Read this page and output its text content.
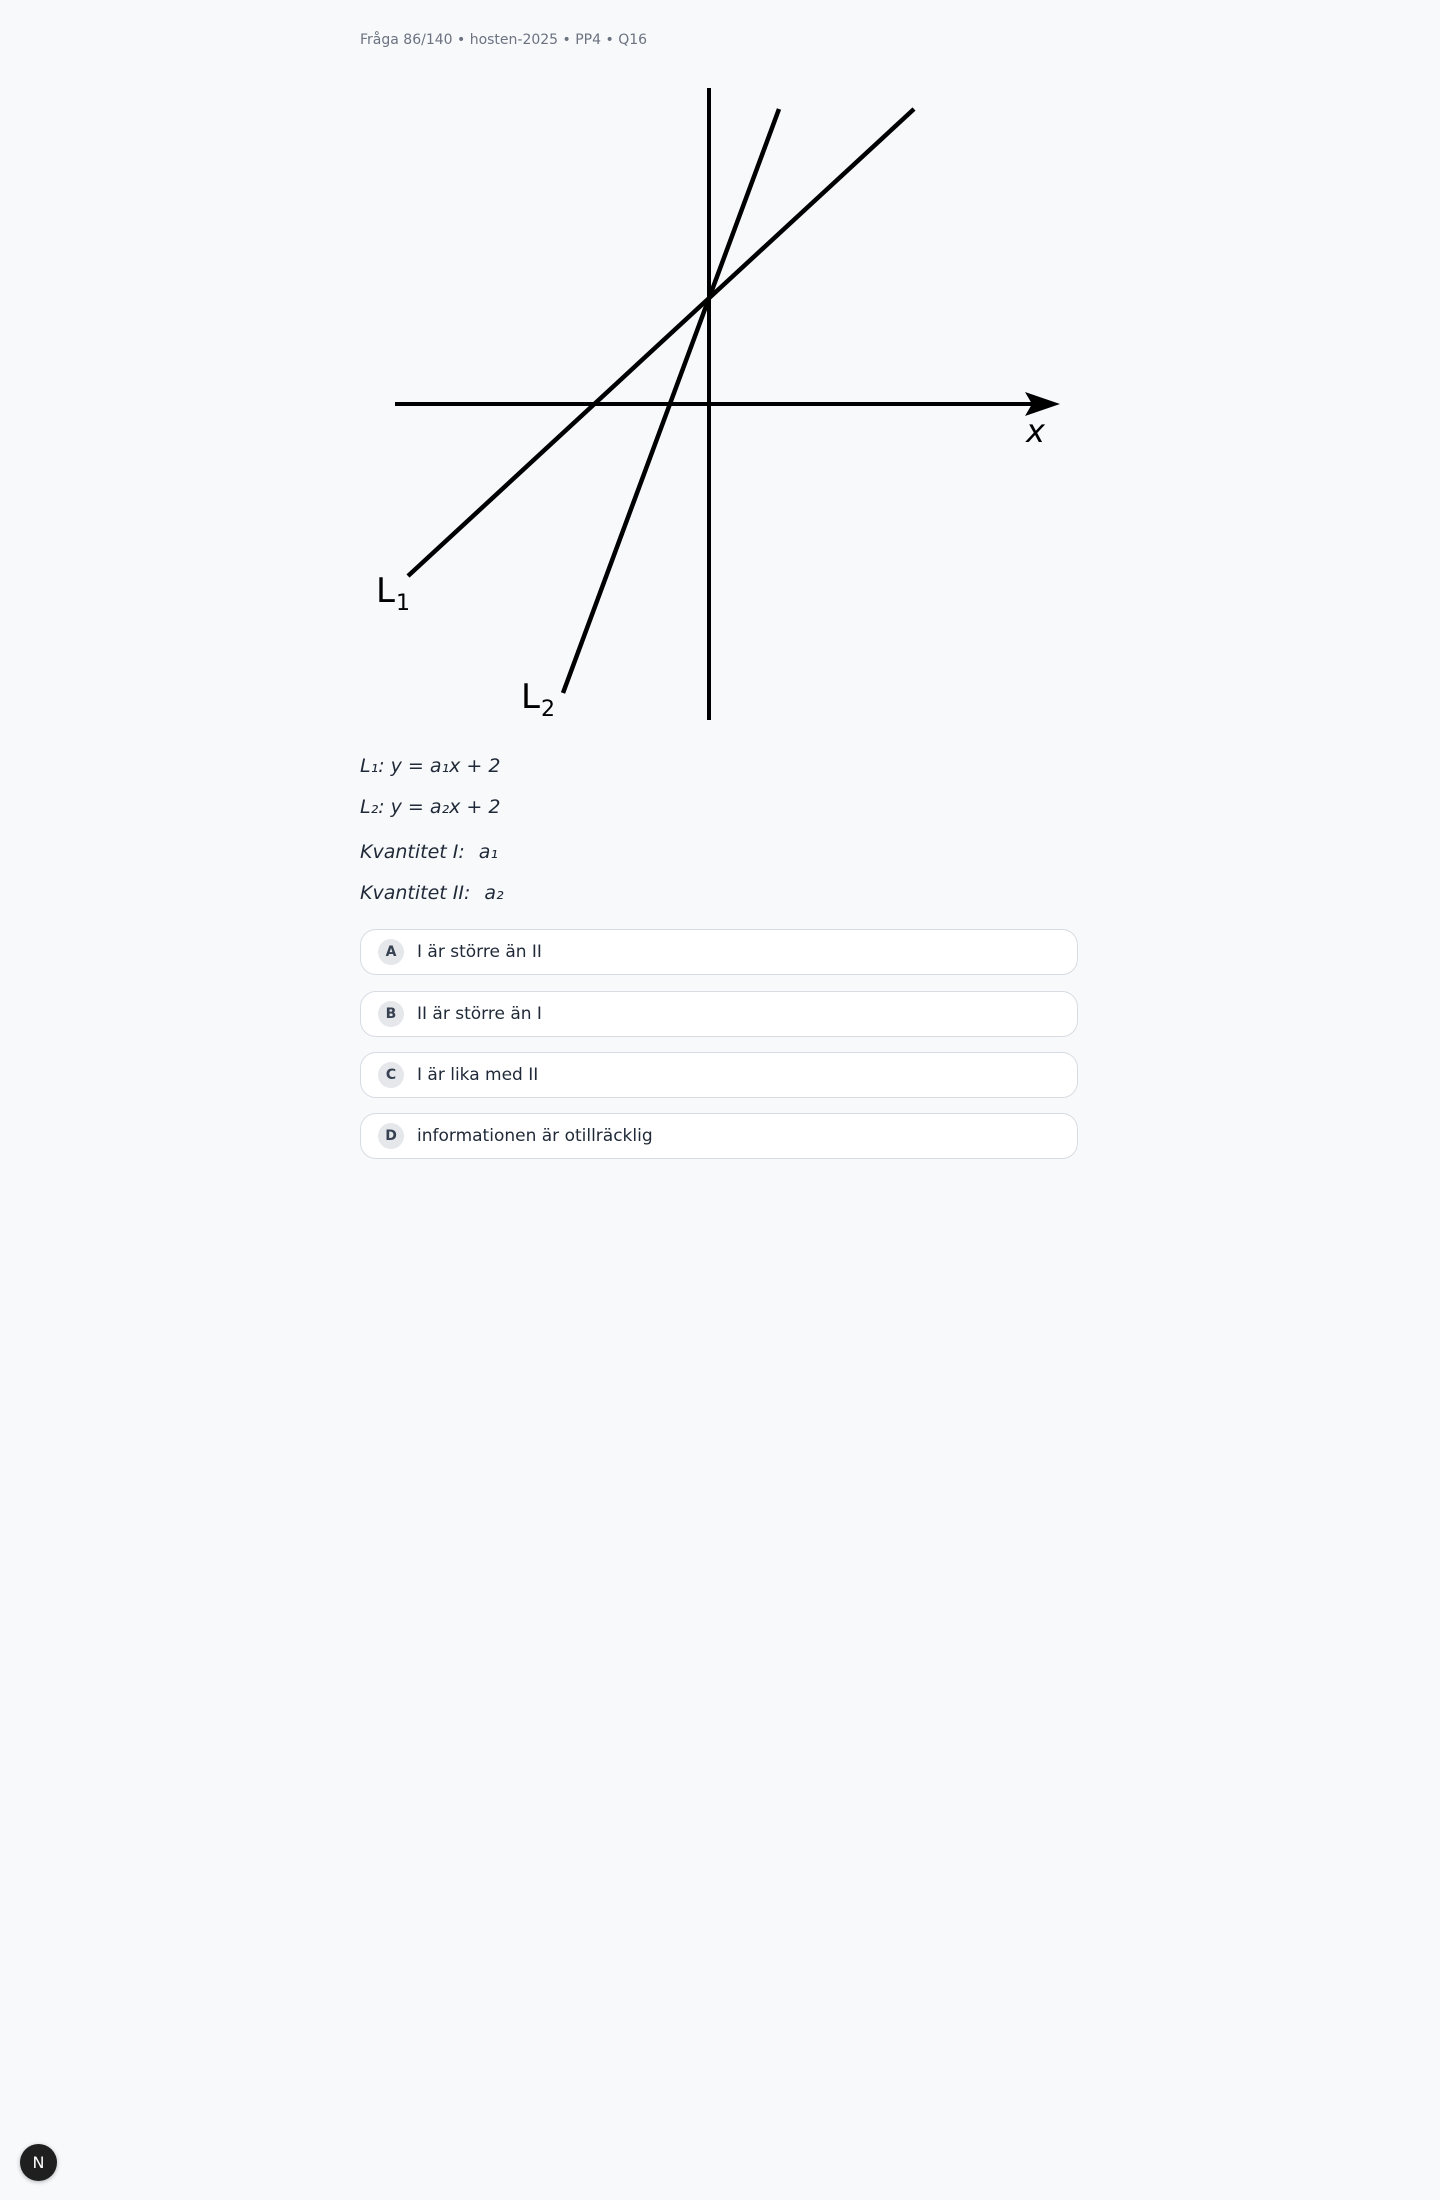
Fråga 86/140 • hosten-2025 • PP4 • Q16
x
L 1
L 2
L₁: y = a₁x + 2
L₂: y = a₂x + 2
Kvantitet I: a₁
Kvantitet II: a₂
A	I är större än II
B	II är större än I
C	I är lika med II
D	informationen är otillräcklig
N
